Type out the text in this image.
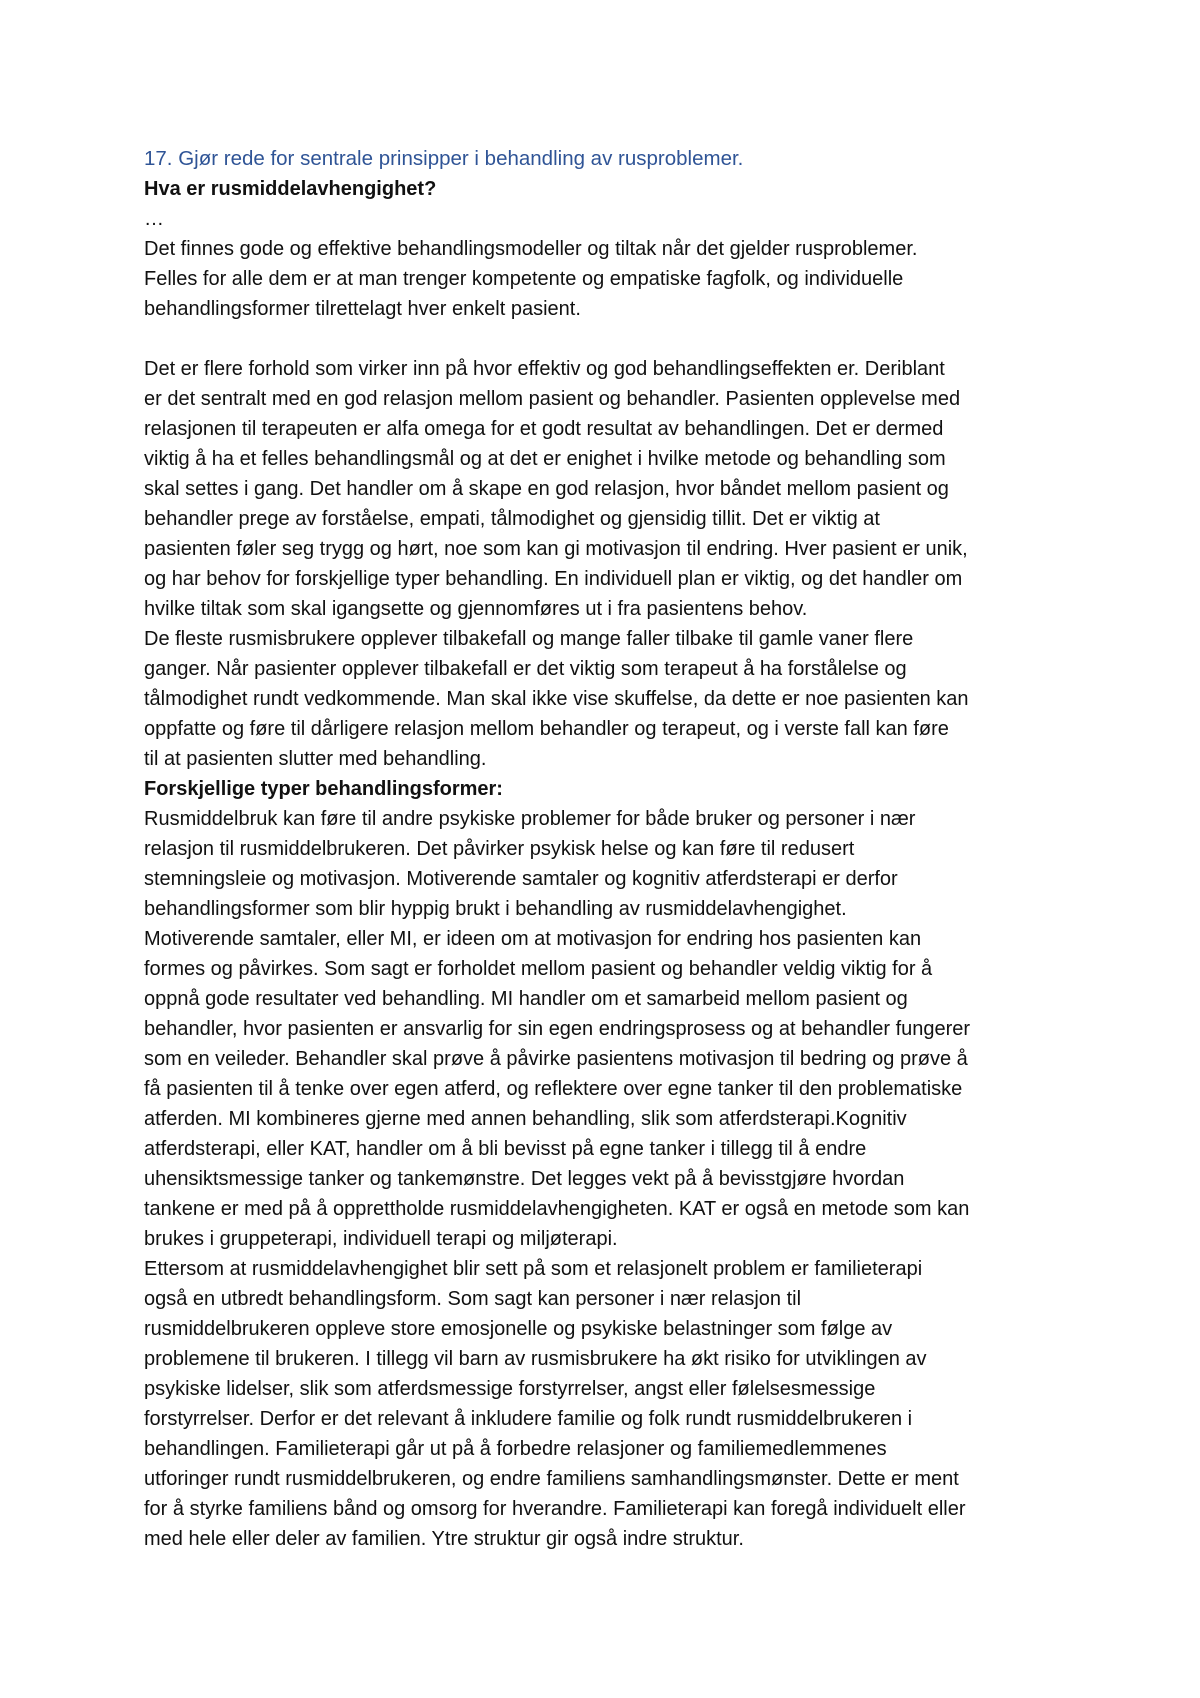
17. Gjør rede for sentrale prinsipper i behandling av rusproblemer.

Hva er rusmiddelavhengighet?

…

Det finnes gode og effektive behandlingsmodeller og tiltak når det gjelder rusproblemer.
Felles for alle dem er at man trenger kompetente og empatiske fagfolk, og individuelle
behandlingsformer tilrettelagt hver enkelt pasient.

Det er flere forhold som virker inn på hvor effektiv og god behandlingseffekten er. Deriblant
er det sentralt med en god relasjon mellom pasient og behandler. Pasienten opplevelse med
relasjonen til terapeuten er alfa omega for et godt resultat av behandlingen. Det er dermed
viktig å ha et felles behandlingsmål og at det er enighet i hvilke metode og behandling som
skal settes i gang. Det handler om å skape en god relasjon, hvor båndet mellom pasient og
behandler prege av forståelse, empati, tålmodighet og gjensidig tillit. Det er viktig at
pasienten føler seg trygg og hørt, noe som kan gi motivasjon til endring. Hver pasient er unik,
og har behov for forskjellige typer behandling. En individuell plan er viktig, og det handler om
hvilke tiltak som skal igangsette og gjennomføres ut i fra pasientens behov.

De fleste rusmisbrukere opplever tilbakefall og mange faller tilbake til gamle vaner flere
ganger. Når pasienter opplever tilbakefall er det viktig som terapeut å ha forstålelse og
tålmodighet rundt vedkommende. Man skal ikke vise skuffelse, da dette er noe pasienten kan
oppfatte og føre til dårligere relasjon mellom behandler og terapeut, og i verste fall kan føre
til at pasienten slutter med behandling.

Forskjellige typer behandlingsformer:

Rusmiddelbruk kan føre til andre psykiske problemer for både bruker og personer i nær
relasjon til rusmiddelbrukeren. Det påvirker psykisk helse og kan føre til redusert
stemningsleie og motivasjon. Motiverende samtaler og kognitiv atferdsterapi er derfor
behandlingsformer som blir hyppig brukt i behandling av rusmiddelavhengighet.

Motiverende samtaler, eller MI, er ideen om at motivasjon for endring hos pasienten kan
formes og påvirkes. Som sagt er forholdet mellom pasient og behandler veldig viktig for å
oppnå gode resultater ved behandling. MI handler om et samarbeid mellom pasient og
behandler, hvor pasienten er ansvarlig for sin egen endringsprosess og at behandler fungerer
som en veileder. Behandler skal prøve å påvirke pasientens motivasjon til bedring og prøve å
få pasienten til å tenke over egen atferd, og reflektere over egne tanker til den problematiske
atferden. MI kombineres gjerne med annen behandling, slik som atferdsterapi.Kognitiv
atferdsterapi, eller KAT, handler om å bli bevisst på egne tanker i tillegg til å endre
uhensiktsmessige tanker og tankemønstre. Det legges vekt på å bevisstgjøre hvordan
tankene er med på å opprettholde rusmiddelavhengigheten. KAT er også en metode som kan
brukes i gruppeterapi, individuell terapi og miljøterapi.

Ettersom at rusmiddelavhengighet blir sett på som et relasjonelt problem er familieterapi
også en utbredt behandlingsform. Som sagt kan personer i nær relasjon til
rusmiddelbrukeren oppleve store emosjonelle og psykiske belastninger som følge av
problemene til brukeren. I tillegg vil barn av rusmisbrukere ha økt risiko for utviklingen av
psykiske lidelser, slik som atferdsmessige forstyrrelser, angst eller følelsesmessige
forstyrrelser. Derfor er det relevant å inkludere familie og folk rundt rusmiddelbrukeren i
behandlingen. Familieterapi går ut på å forbedre relasjoner og familiemedlemmenes
utforinger rundt rusmiddelbrukeren, og endre familiens samhandlingsmønster. Dette er ment
for å styrke familiens bånd og omsorg for hverandre. Familieterapi kan foregå individuelt eller
med hele eller deler av familien. Ytre struktur gir også indre struktur.
